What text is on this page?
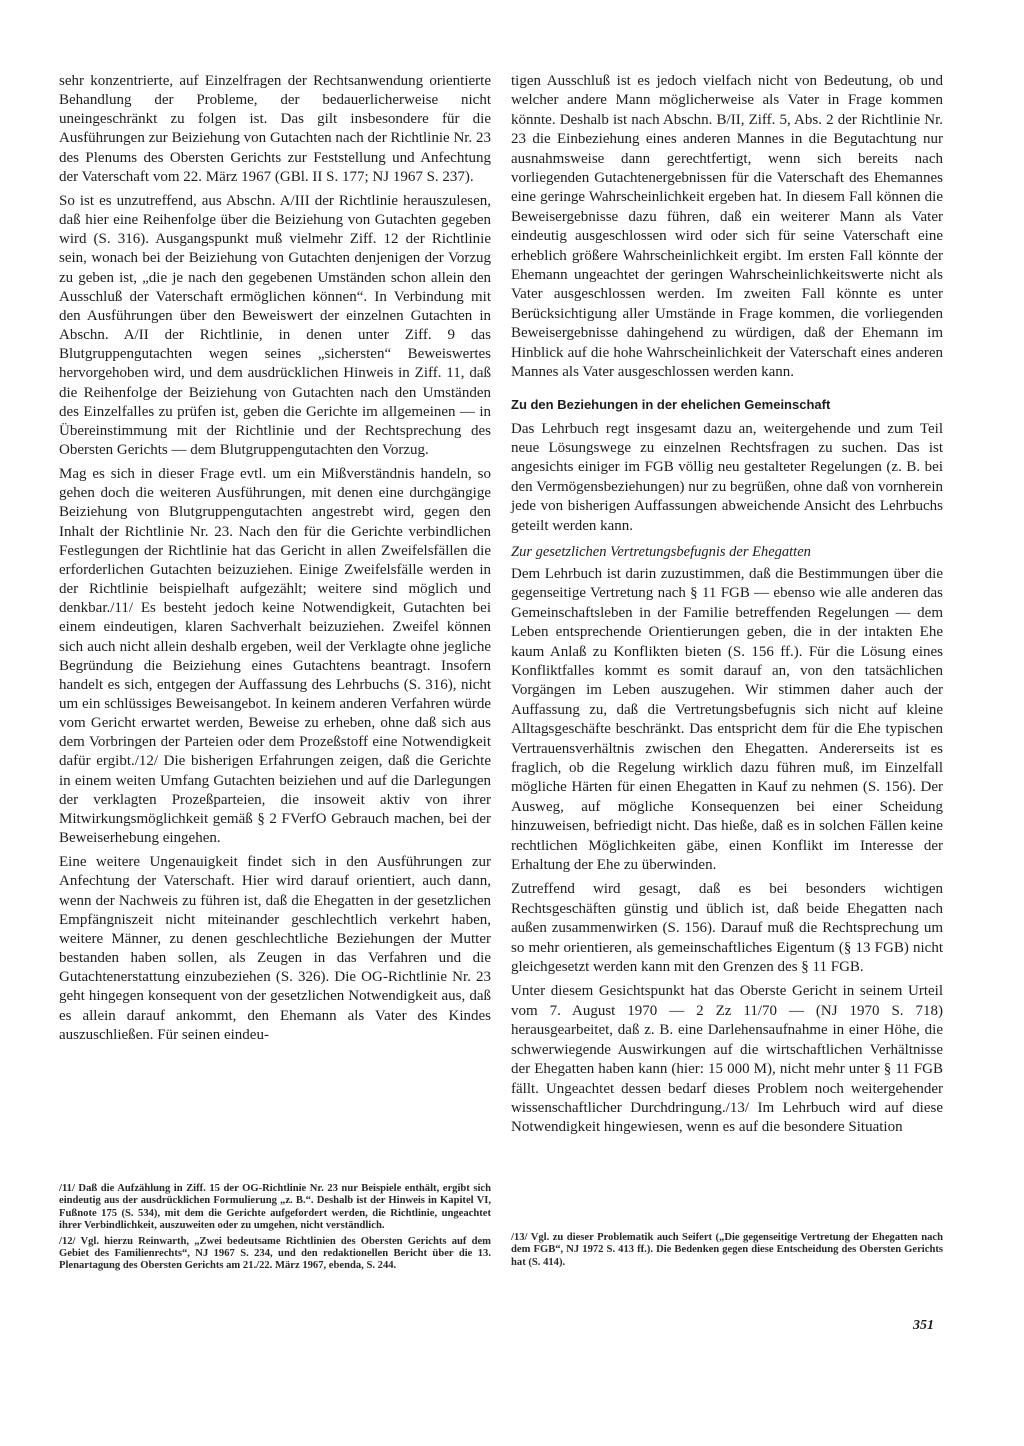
sehr konzentrierte, auf Einzelfragen der Rechtsanwendung orientierte Behandlung der Probleme, der bedauerlicherweise nicht uneingeschränkt zu folgen ist. Das gilt insbesondere für die Ausführungen zur Beiziehung von Gutachten nach der Richtlinie Nr. 23 des Plenums des Obersten Gerichts zur Feststellung und Anfechtung der Vaterschaft vom 22. März 1967 (GBl. II S. 177; NJ 1967 S. 237).

So ist es unzutreffend, aus Abschn. A/III der Richtlinie herauszulesen, daß hier eine Reihenfolge über die Beiziehung von Gutachten gegeben wird (S. 316). Ausgangspunkt muß vielmehr Ziff. 12 der Richtlinie sein, wonach bei der Beiziehung von Gutachten denjenigen der Vorzug zu geben ist, „die je nach den gegebenen Umständen schon allein den Ausschluß der Vaterschaft ermöglichen können“. In Verbindung mit den Ausführungen über den Beweiswert der einzelnen Gutachten in Abschn. A/II der Richtlinie, in denen unter Ziff. 9 das Blutgruppengutachten wegen seines „sichersten“ Beweiswertes hervorgehoben wird, und dem ausdrücklichen Hinweis in Ziff. 11, daß die Reihenfolge der Beiziehung von Gutachten nach den Umständen des Einzelfalles zu prüfen ist, geben die Gerichte im allgemeinen — in Übereinstimmung mit der Richtlinie und der Rechtsprechung des Obersten Gerichts — dem Blutgruppengutachten den Vorzug.

Mag es sich in dieser Frage evtl. um ein Mißverständnis handeln, so gehen doch die weiteren Ausführungen, mit denen eine durchgängige Beiziehung von Blutgruppengutachten angestrebt wird, gegen den Inhalt der Richtlinie Nr. 23. Nach den für die Gerichte verbindlichen Festlegungen der Richtlinie hat das Gericht in allen Zweifelsfällen die erforderlichen Gutachten beizuziehen. Einige Zweifelsfälle werden in der Richtlinie beispielhaft aufgezählt; weitere sind möglich und denkbar./11/ Es besteht jedoch keine Notwendigkeit, Gutachten bei einem eindeutigen, klaren Sachverhalt beizuziehen. Zweifel können sich auch nicht allein deshalb ergeben, weil der Verklagte ohne jegliche Begründung die Beiziehung eines Gutachtens beantragt. Insofern handelt es sich, entgegen der Auffassung des Lehrbuchs (S. 316), nicht um ein schlüssiges Beweisangebot. In keinem anderen Verfahren würde vom Gericht erwartet werden, Beweise zu erheben, ohne daß sich aus dem Vorbringen der Parteien oder dem Prozeßstoff eine Notwendigkeit dafür ergibt./12/ Die bisherigen Erfahrungen zeigen, daß die Gerichte in einem weiten Umfang Gutachten beiziehen und auf die Darlegungen der verklagten Prozeßparteien, die insoweit aktiv von ihrer Mitwirkungsmöglichkeit gemäß § 2 FVerfO Gebrauch machen, bei der Beweiserhebung eingehen.

Eine weitere Ungenauigkeit findet sich in den Ausführungen zur Anfechtung der Vaterschaft. Hier wird darauf orientiert, auch dann, wenn der Nachweis zu führen ist, daß die Ehegatten in der gesetzlichen Empfängniszeit nicht miteinander geschlechtlich verkehrt haben, weitere Männer, zu denen geschlechtliche Beziehungen der Mutter bestanden haben sollen, als Zeugen in das Verfahren und die Gutachtenerstattung einzubeziehen (S. 326). Die OG-Richtlinie Nr. 23 geht hingegen konsequent von der gesetzlichen Notwendigkeit aus, daß es allein darauf ankommt, den Ehemann als Vater des Kindes auszuschließen. Für seinen eindeu-

/11/ Daß die Aufzählung in Ziff. 15 der OG-Richtlinie Nr. 23 nur Beispiele enthält, ergibt sich eindeutig aus der ausdrücklichen Formulierung „z. B.“. Deshalb ist der Hinweis in Kapitel VI, Fußnote 175 (S. 534), mit dem die Gerichte aufgefordert werden, die Richtlinie, ungeachtet ihrer Verbindlichkeit, auszuweiten oder zu umgehen, nicht verständlich.

/12/ Vgl. hierzu Reinwarth, „Zwei bedeutsame Richtlinien des Obersten Gerichts auf dem Gebiet des Familienrechts“, NJ 1967 S. 234, und den redaktionellen Bericht über die 13. Plenartagung des Obersten Gerichts am 21./22. März 1967, ebenda, S. 244.

tigen Ausschluß ist es jedoch vielfach nicht von Bedeutung, ob und welcher andere Mann möglicherweise als Vater in Frage kommen könnte. Deshalb ist nach Abschn. B/II, Ziff. 5, Abs. 2 der Richtlinie Nr. 23 die Einbeziehung eines anderen Mannes in die Begutachtung nur ausnahmsweise dann gerechtfertigt, wenn sich bereits nach vorliegenden Gutachtenergebnissen für die Vaterschaft des Ehemannes eine geringe Wahrscheinlichkeit ergeben hat. In diesem Fall können die Beweisergebnisse dazu führen, daß ein weiterer Mann als Vater eindeutig ausgeschlossen wird oder sich für seine Vaterschaft eine erheblich größere Wahrscheinlichkeit ergibt. Im ersten Fall könnte der Ehemann ungeachtet der geringen Wahrscheinlichkeitswerte nicht als Vater ausgeschlossen werden. Im zweiten Fall könnte es unter Berücksichtigung aller Umstände in Frage kommen, die vorliegenden Beweisergebnisse dahingehend zu würdigen, daß der Ehemann im Hinblick auf die hohe Wahrscheinlichkeit der Vaterschaft eines anderen Mannes als Vater ausgeschlossen werden kann.

Zu den Beziehungen in der ehelichen Gemeinschaft

Das Lehrbuch regt insgesamt dazu an, weitergehende und zum Teil neue Lösungswege zu einzelnen Rechtsfragen zu suchen. Das ist angesichts einiger im FGB völlig neu gestalteter Regelungen (z. B. bei den Vermögensbeziehungen) nur zu begrüßen, ohne daß von vornherein jede von bisherigen Auffassungen abweichende Ansicht des Lehrbuchs geteilt werden kann.

Zur gesetzlichen Vertretungsbefugnis der Ehegatten

Dem Lehrbuch ist darin zuzustimmen, daß die Bestimmungen über die gegenseitige Vertretung nach § 11 FGB — ebenso wie alle anderen das Gemeinschaftsleben in der Familie betreffenden Regelungen — dem Leben entsprechende Orientierungen geben, die in der intakten Ehe kaum Anlaß zu Konflikten bieten (S. 156 ff.). Für die Lösung eines Konfliktfalles kommt es somit darauf an, von den tatsächlichen Vorgängen im Leben auszugehen. Wir stimmen daher auch der Auffassung zu, daß die Vertretungsbefugnis sich nicht auf kleine Alltagsgeschäfte beschränkt. Das entspricht dem für die Ehe typischen Vertrauensverhältnis zwischen den Ehegatten. Andererseits ist es fraglich, ob die Regelung wirklich dazu führen muß, im Einzelfall mögliche Härten für einen Ehegatten in Kauf zu nehmen (S. 156). Der Ausweg, auf mögliche Konsequenzen bei einer Scheidung hinzuweisen, befriedigt nicht. Das hieße, daß es in solchen Fällen keine rechtlichen Möglichkeiten gäbe, einen Konflikt im Interesse der Erhaltung der Ehe zu überwinden.

Zutreffend wird gesagt, daß es bei besonders wichtigen Rechtsgeschäften günstig und üblich ist, daß beide Ehegatten nach außen zusammenwirken (S. 156). Darauf muß die Rechtsprechung um so mehr orientieren, als gemeinschaftliches Eigentum (§ 13 FGB) nicht gleichgesetzt werden kann mit den Grenzen des § 11 FGB.

Unter diesem Gesichtspunkt hat das Oberste Gericht in seinem Urteil vom 7. August 1970 — 2 Zz 11/70 — (NJ 1970 S. 718) herausgearbeitet, daß z. B. eine Darlehensaufnahme in einer Höhe, die schwerwiegende Auswirkungen auf die wirtschaftlichen Verhältnisse der Ehegatten haben kann (hier: 15 000 M), nicht mehr unter § 11 FGB fällt. Ungeachtet dessen bedarf dieses Problem noch weitergehender wissenschaftlicher Durchdringung./13/ Im Lehrbuch wird auf diese Notwendigkeit hingewiesen, wenn es auf die besondere Situation

/13/ Vgl. zu dieser Problematik auch Seifert („Die gegenseitige Vertretung der Ehegatten nach dem FGB“, NJ 1972 S. 413 ff.). Die Bedenken gegen diese Entscheidung des Obersten Gerichts hat (S. 414).

351
